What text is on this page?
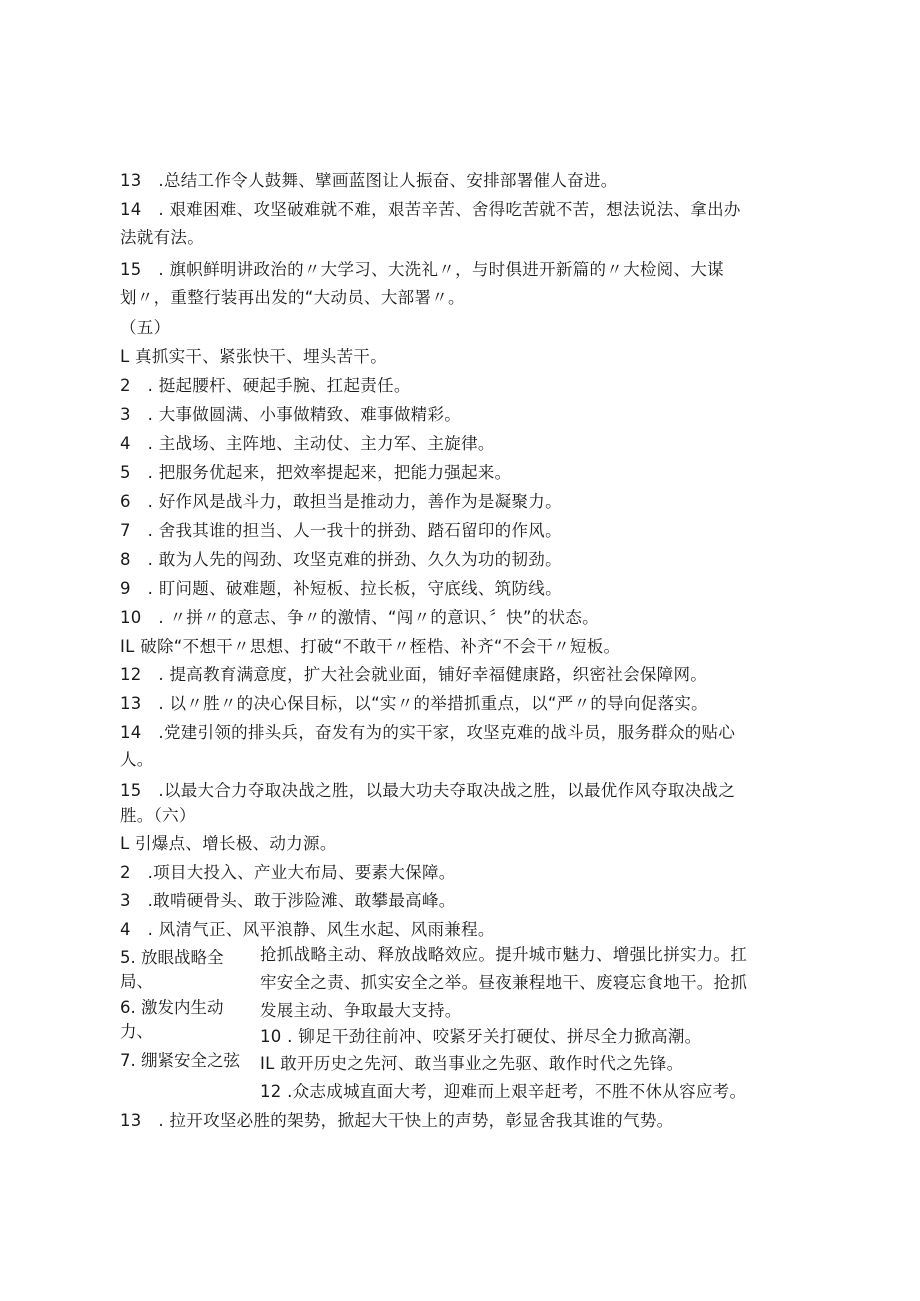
13　.总结工作令人鼓舞、擘画蓝图让人振奋、安排部署催人奋进。
14　. 艰难困难、攻坚破难就不难，艰苦辛苦、舍得吃苦就不苦，想法说法、拿出办
法就有法。
15　. 旗帜鲜明讲政治的〃大学习、大洗礼〃，与时俱进开新篇的〃大检阅、大谋
划〃，重整行装再出发的“大动员、大部署〃。
（五）
L 真抓实干、紧张快干、埋头苦干。
2　. 挺起腰杆、硬起手腕、扛起责任。
3　. 大事做圆满、小事做精致、难事做精彩。
4　. 主战场、主阵地、主动仗、主力军、主旋律。
5　. 把服务优起来，把效率提起来，把能力强起来。
6　. 好作风是战斗力，敢担当是推动力，善作为是凝聚力。
7　. 舍我其谁的担当、人一我十的拼劲、踏石留印的作风。
8　. 敢为人先的闯劲、攻坚克难的拼劲、久久为功的韧劲。
9　. 盯问题、破难题，补短板、拉长板，守底线、筑防线。
10　. 〃拼〃的意志、争〃的激情、“闯〃的意识、〞快”的状态。
IL 破除“不想干〃思想、打破“不敢干〃桎梏、补齐“不会干〃短板。
12　. 提高教育满意度，扩大社会就业面，铺好幸福健康路，织密社会保障网。
13　. 以〃胜〃的决心保目标，以“实〃的举措抓重点，以“严〃的导向促落实。
14　.党建引领的排头兵，奋发有为的实干家，攻坚克难的战斗员，服务群众的贴心
人。
15　.以最大合力夺取决战之胜，以最大功夫夺取决战之胜，以最优作风夺取决战之
胜。（六）
L 引爆点、增长极、动力源。
2　.项目大投入、产业大布局、要素大保障。
3　.敢啃硬骨头、敢于涉险滩、敢攀最高峰。
4　. 风清气正、风平浪静、风生水起、风雨兼程。
5. 放眼战略全局、
6. 激发内生动力、
7. 绷紧安全之弦
抢抓战略主动、释放战略效应。提升城市魅力、增强比拼实力。扛
牢安全之责、抓实安全之举。昼夜兼程地干、废寝忘食地干。抢抓
发展主动、争取最大支持。
10 . 铆足干劲往前冲、咬紧牙关打硬仗、拼尽全力掀高潮。
IL 敢开历史之先河、敢当事业之先驱、敢作时代之先锋。
12 .众志成城直面大考，迎难而上艰辛赶考，不胜不休从容应考。
13　. 拉开攻坚必胜的架势，掀起大干快上的声势，彰显舍我其谁的气势。
